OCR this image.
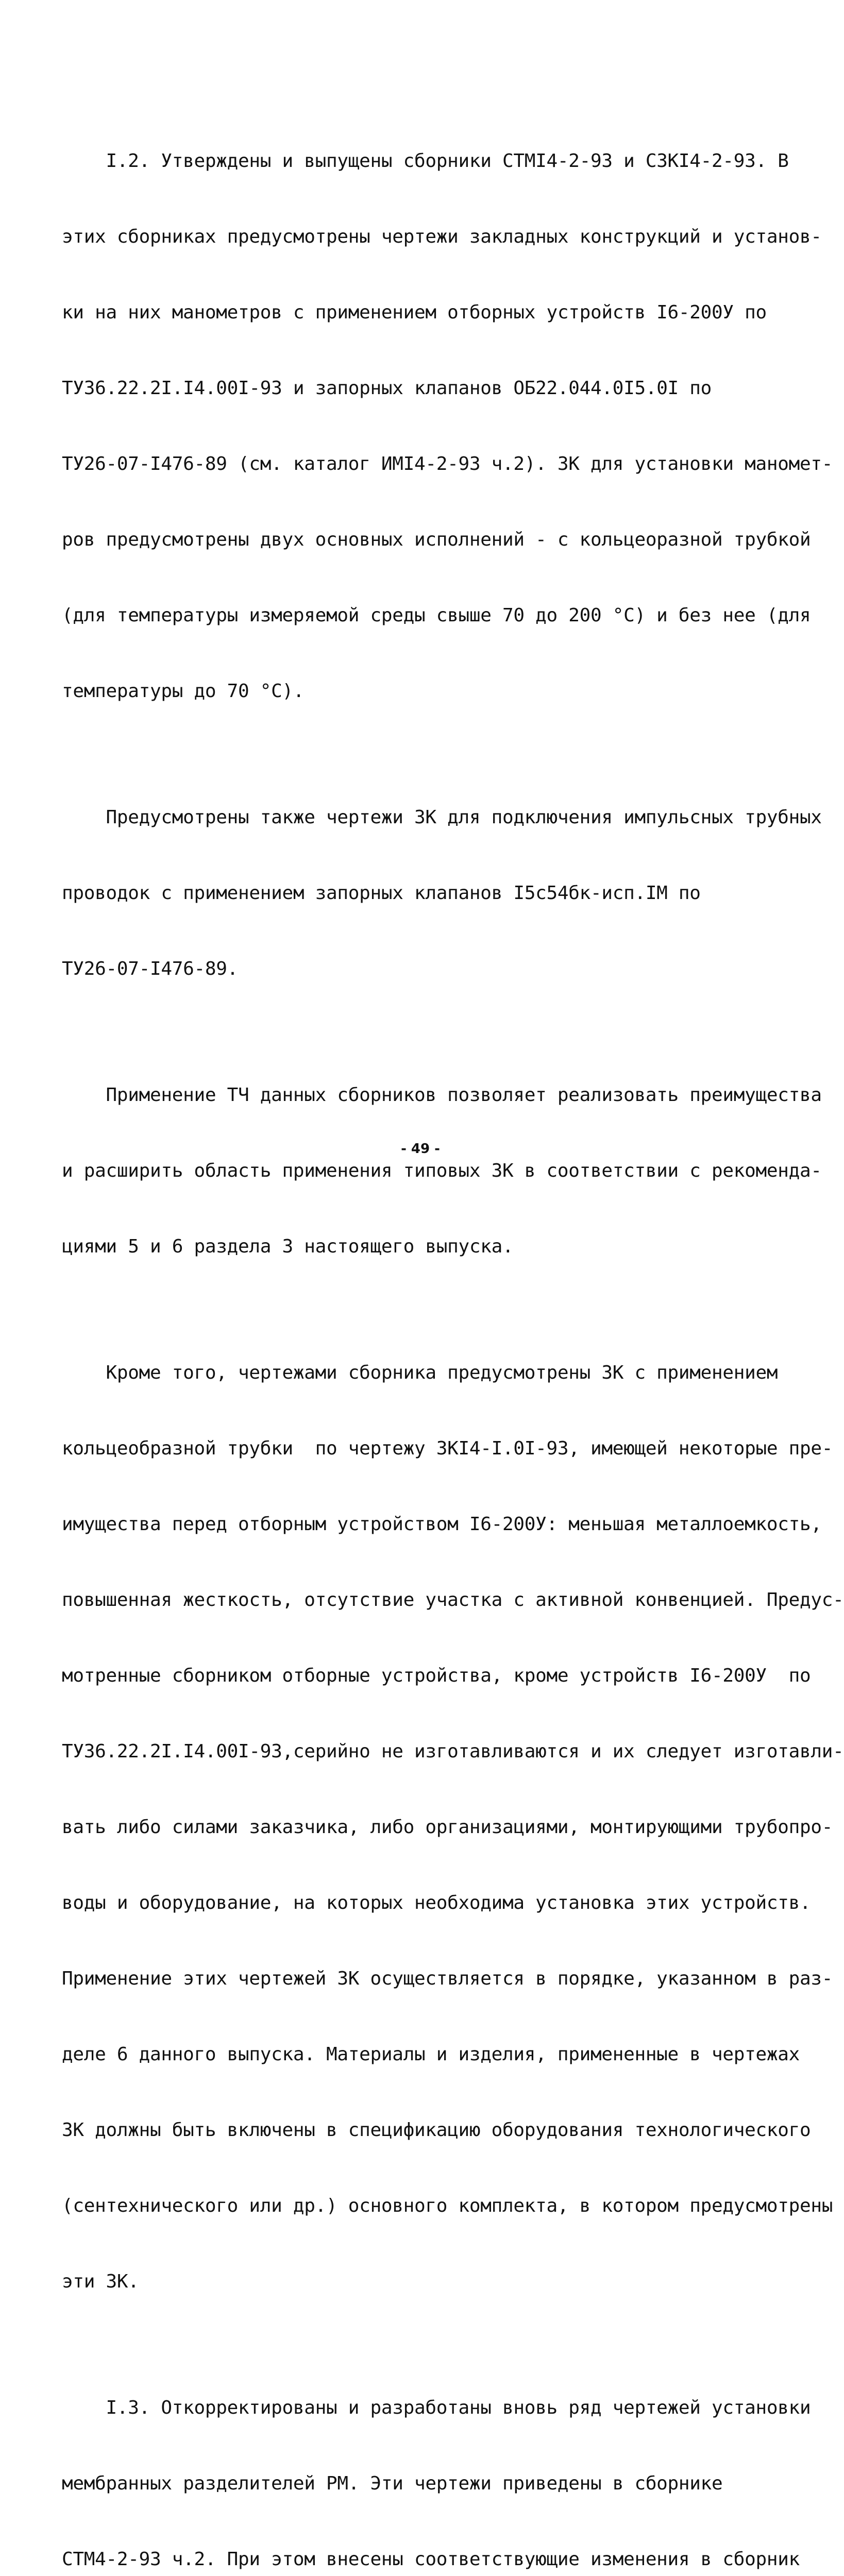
I.2. Утверждены и выпущены сборники СТМI4-2-93 и СЗКI4-2-93. В

этих сборниках предусмотрены чертежи закладных конструкций и установ-

ки на них манометров с применением отборных устройств I6-200У по

ТУ36.22.2I.I4.00I-93 и запорных клапанов ОБ22.044.0I5.0I по

ТУ26-07-I476-89 (см. каталог ИМI4-2-93 ч.2). ЗК для установки маномет-

ров предусмотрены двух основных исполнений - с кольцеоразной трубкой

(для температуры измеряемой среды свыше 70 до 200 °С) и без нее (для

температуры до 70 °С).

Предусмотрены также чертежи ЗК для подключения импульсных трубных

проводок с применением запорных клапанов I5с54бк-исп.IМ по

ТУ26-07-I476-89.

Применение ТЧ данных сборников позволяет реализовать преимущества

и расширить область применения типовых ЗК в соответствии с рекоменда-

циями 5 и 6 раздела 3 настоящего выпуска.

Кроме того, чертежами сборника предусмотрены ЗК с применением

кольцеобразной трубки  по чертежу ЗКI4-I.0I-93, имеющей некоторые пре-

имущества перед отборным устройством I6-200У: меньшая металлоемкость,

повышенная жесткость, отсутствие участка с активной конвенцией. Предус-

мотренные сборником отборные устройства, кроме устройств I6-200У  по

ТУ36.22.2I.I4.00I-93,серийно не изготавливаются и их следует изготавли-

вать либо силами заказчика, либо организациями, монтирующими трубопро-

воды и оборудование, на которых необходима установка этих устройств.

Применение этих чертежей ЗК осуществляется в порядке, указанном в раз-

деле 6 данного выпуска. Материалы и изделия, примененные в чертежах

ЗК должны быть включены в спецификацию оборудования технологического

(сентехнического или др.) основного комплекта, в котором предусмотрены

эти ЗК.

I.3. Откорректированы и разработаны вновь ряд чертежей установки

мембранных разделителей РМ. Эти чертежи приведены в сборнике

СТМ4-2-93 ч.2. При этом внесены соответствующие изменения в сборник

- 49 -
